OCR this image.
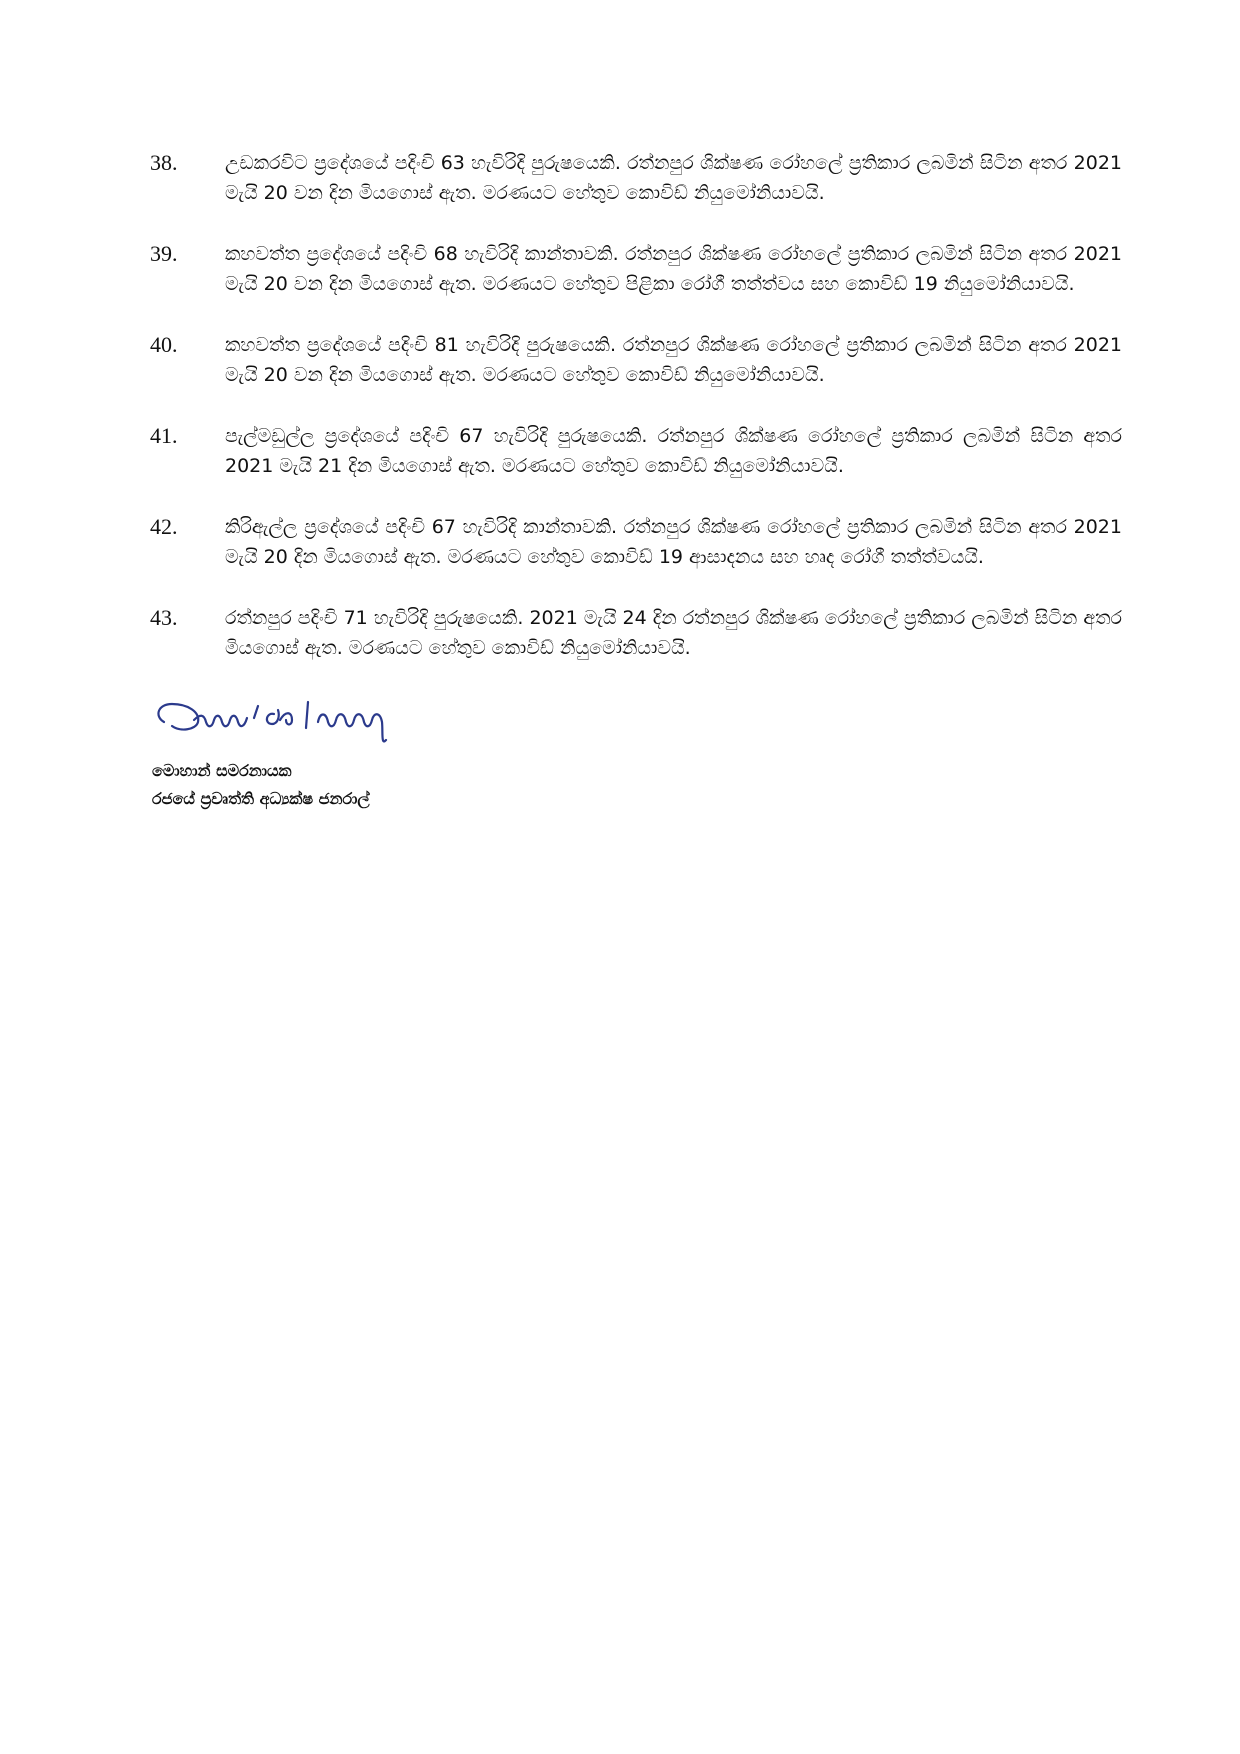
38.	උඩකරවිට ප්‍රදේශයේ පදිංචි 63 හැවිරිදි පුරුෂයෙකි. රත්නපුර ශික්ෂණ රෝහලේ ප්‍රතිකාර ලබමින් සිටින අතර 2021 මැයි 20 වන දින මියගොස් ඇත. මරණයට හේතුව කොවිඩ් නියුමෝනියාවයි.
39.	කහවත්ත ප්‍රදේශයේ පදිංචි 68 හැවිරිදි කාන්තාවකි. රත්නපුර ශික්ෂණ රෝහලේ ප්‍රතිකාර ලබමින් සිටින අතර 2021 මැයි 20 වන දින මියගොස් ඇත. මරණයට හේතුව පිළිකා රෝගී තත්ත්වය සහ කොවිඩ් 19 නියුමෝනියාවයි.
40.	කහවත්ත ප්‍රදේශයේ පදිංචි 81 හැවිරිදි පුරුෂයෙකි. රත්නපුර ශික්ෂණ රෝහලේ ප්‍රතිකාර ලබමින් සිටින අතර 2021 මැයි 20 වන දින මියගොස් ඇත. මරණයට හේතුව කොවිඩ් නියුමෝනියාවයි.
41.	පැල්මඩුල්ල ප්‍රදේශයේ පදිංචි 67 හැවිරිදි පුරුෂයෙකි. රත්නපුර ශික්ෂණ රෝහලේ ප්‍රතිකාර ලබමින් සිටින අතර 2021 මැයි 21 දින මියගොස් ඇත. මරණයට හේතුව කොවිඩ් නියුමෝනියාවයි.
42.	කිරිඇල්ල ප්‍රදේශයේ පදිංචි 67 හැවිරිදි කාන්තාවකි. රත්නපුර ශික්ෂණ රෝහලේ ප්‍රතිකාර ලබමින් සිටින අතර 2021 මැයි 20 දින මියගොස් ඇත. මරණයට හේතුව කොවිඩ් 19 ආසාදනය සහ හෘද රෝගී තත්ත්වයයි.
43.	රත්නපුර පදිංචි 71 හැවිරිදි පුරුෂයෙකි. 2021 මැයි 24 දින රත්නපුර ශික්ෂණ රෝහලේ ප්‍රතිකාර ලබමින් සිටින අතර මියගොස් ඇත. මරණයට හේතුව කොවිඩ් නියුමෝනියාවයි.
මොහාන් සමරනායක
රජයේ ප්‍රවෘත්ති අධ්‍යක්ෂ ජනරාල්
